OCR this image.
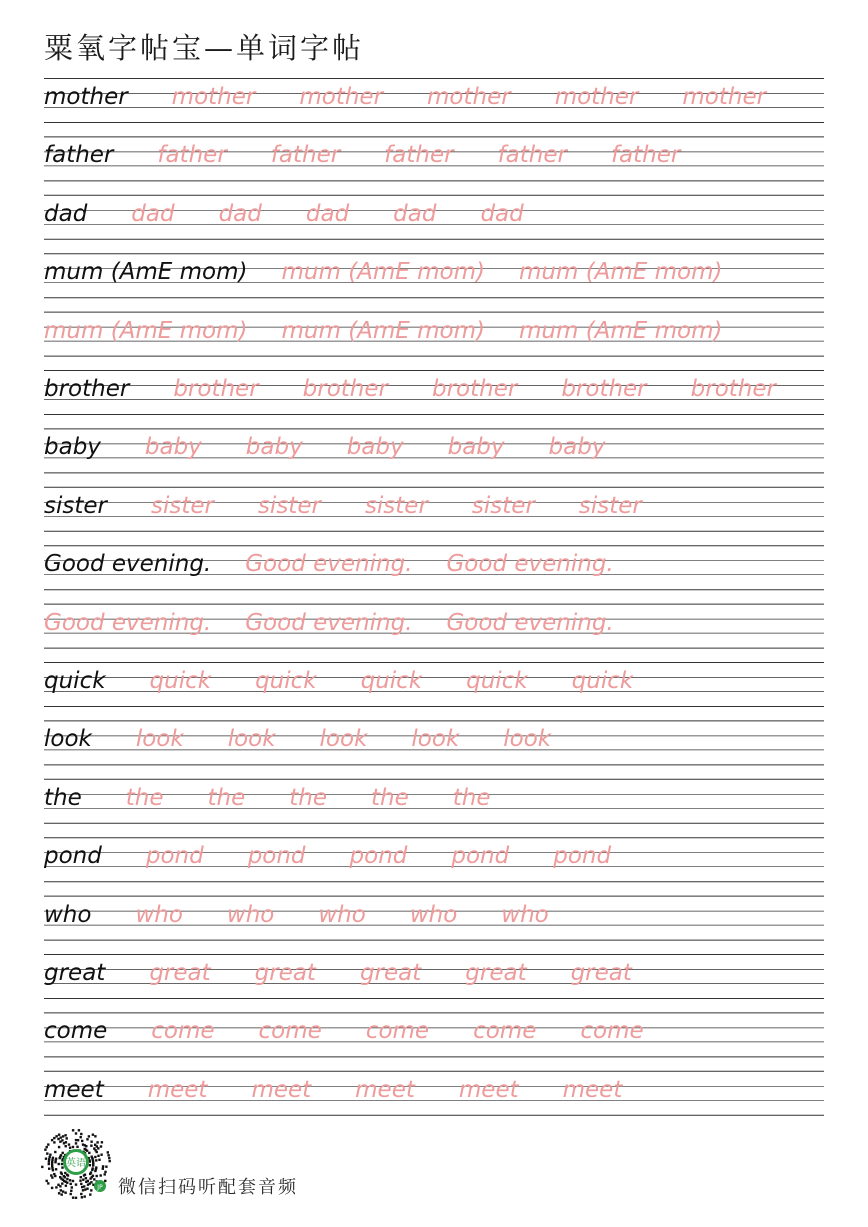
粟氧字帖宝—单词字帖
mother mother mother mother mother mother
father father father father father father
dad dad dad dad dad dad
mum (AmE mom) mum (AmE mom) mum (AmE mom)
mum (AmE mom) mum (AmE mom) mum (AmE mom)
brother brother brother brother brother brother
baby baby baby baby baby baby
sister sister sister sister sister sister
Good evening. Good evening. Good evening.
Good evening. Good evening. Good evening.
quick quick quick quick quick quick
look look look look look look
the the the the the the
pond pond pond pond pond pond
who who who who who who
great great great great great great
come come come come come come
meet meet meet meet meet meet
英语
JP 微信扫码听配套音频
